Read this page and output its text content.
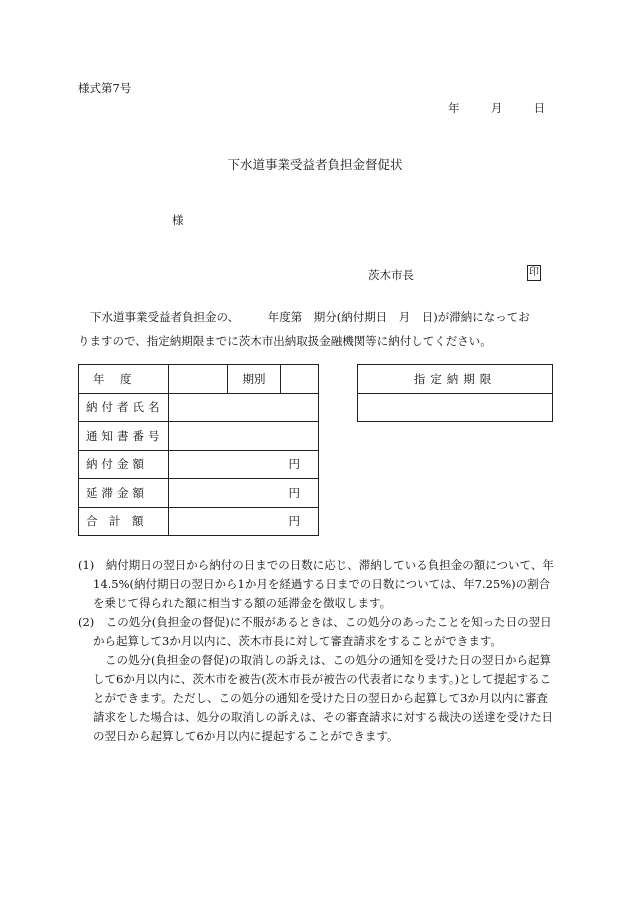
様式第7号
年	月	日
下水道事業受益者負担金督促状
様
茨木市長	印

下水道事業受益者負担金の、　　　年度第　期分(納付期日　月　日)が滞納になってお

りますので、指定納期限までに茨木市出納取扱金融機関等に納付してください。

年　度		期別	
納付者氏名			
通知書番号			
納付金額	円		
延滞金額	円		
合　計　額	円		
指定納期限

(1)　納付期日の翌日から納付の日までの日数に応じ、滞納している負担金の額について、年14.5%(納付期日の翌日から1か月を経過する日までの日数については、年7.25%)の割合を乗じて得られた額に相当する額の延滞金を徴収します。

(2)　この処分(負担金の督促)に不服があるときは、この処分のあったことを知った日の翌日から起算して3か月以内に、茨木市長に対して審査請求をすることができます。

この処分(負担金の督促)の取消しの訴えは、この処分の通知を受けた日の翌日から起算して6か月以内に、茨木市を被告(茨木市長が被告の代表者になります。)として提起することができます。ただし、この処分の通知を受けた日の翌日から起算して3か月以内に審査請求をした場合は、処分の取消しの訴えは、その審査請求に対する裁決の送達を受けた日の翌日から起算して6か月以内に提起することができます。
